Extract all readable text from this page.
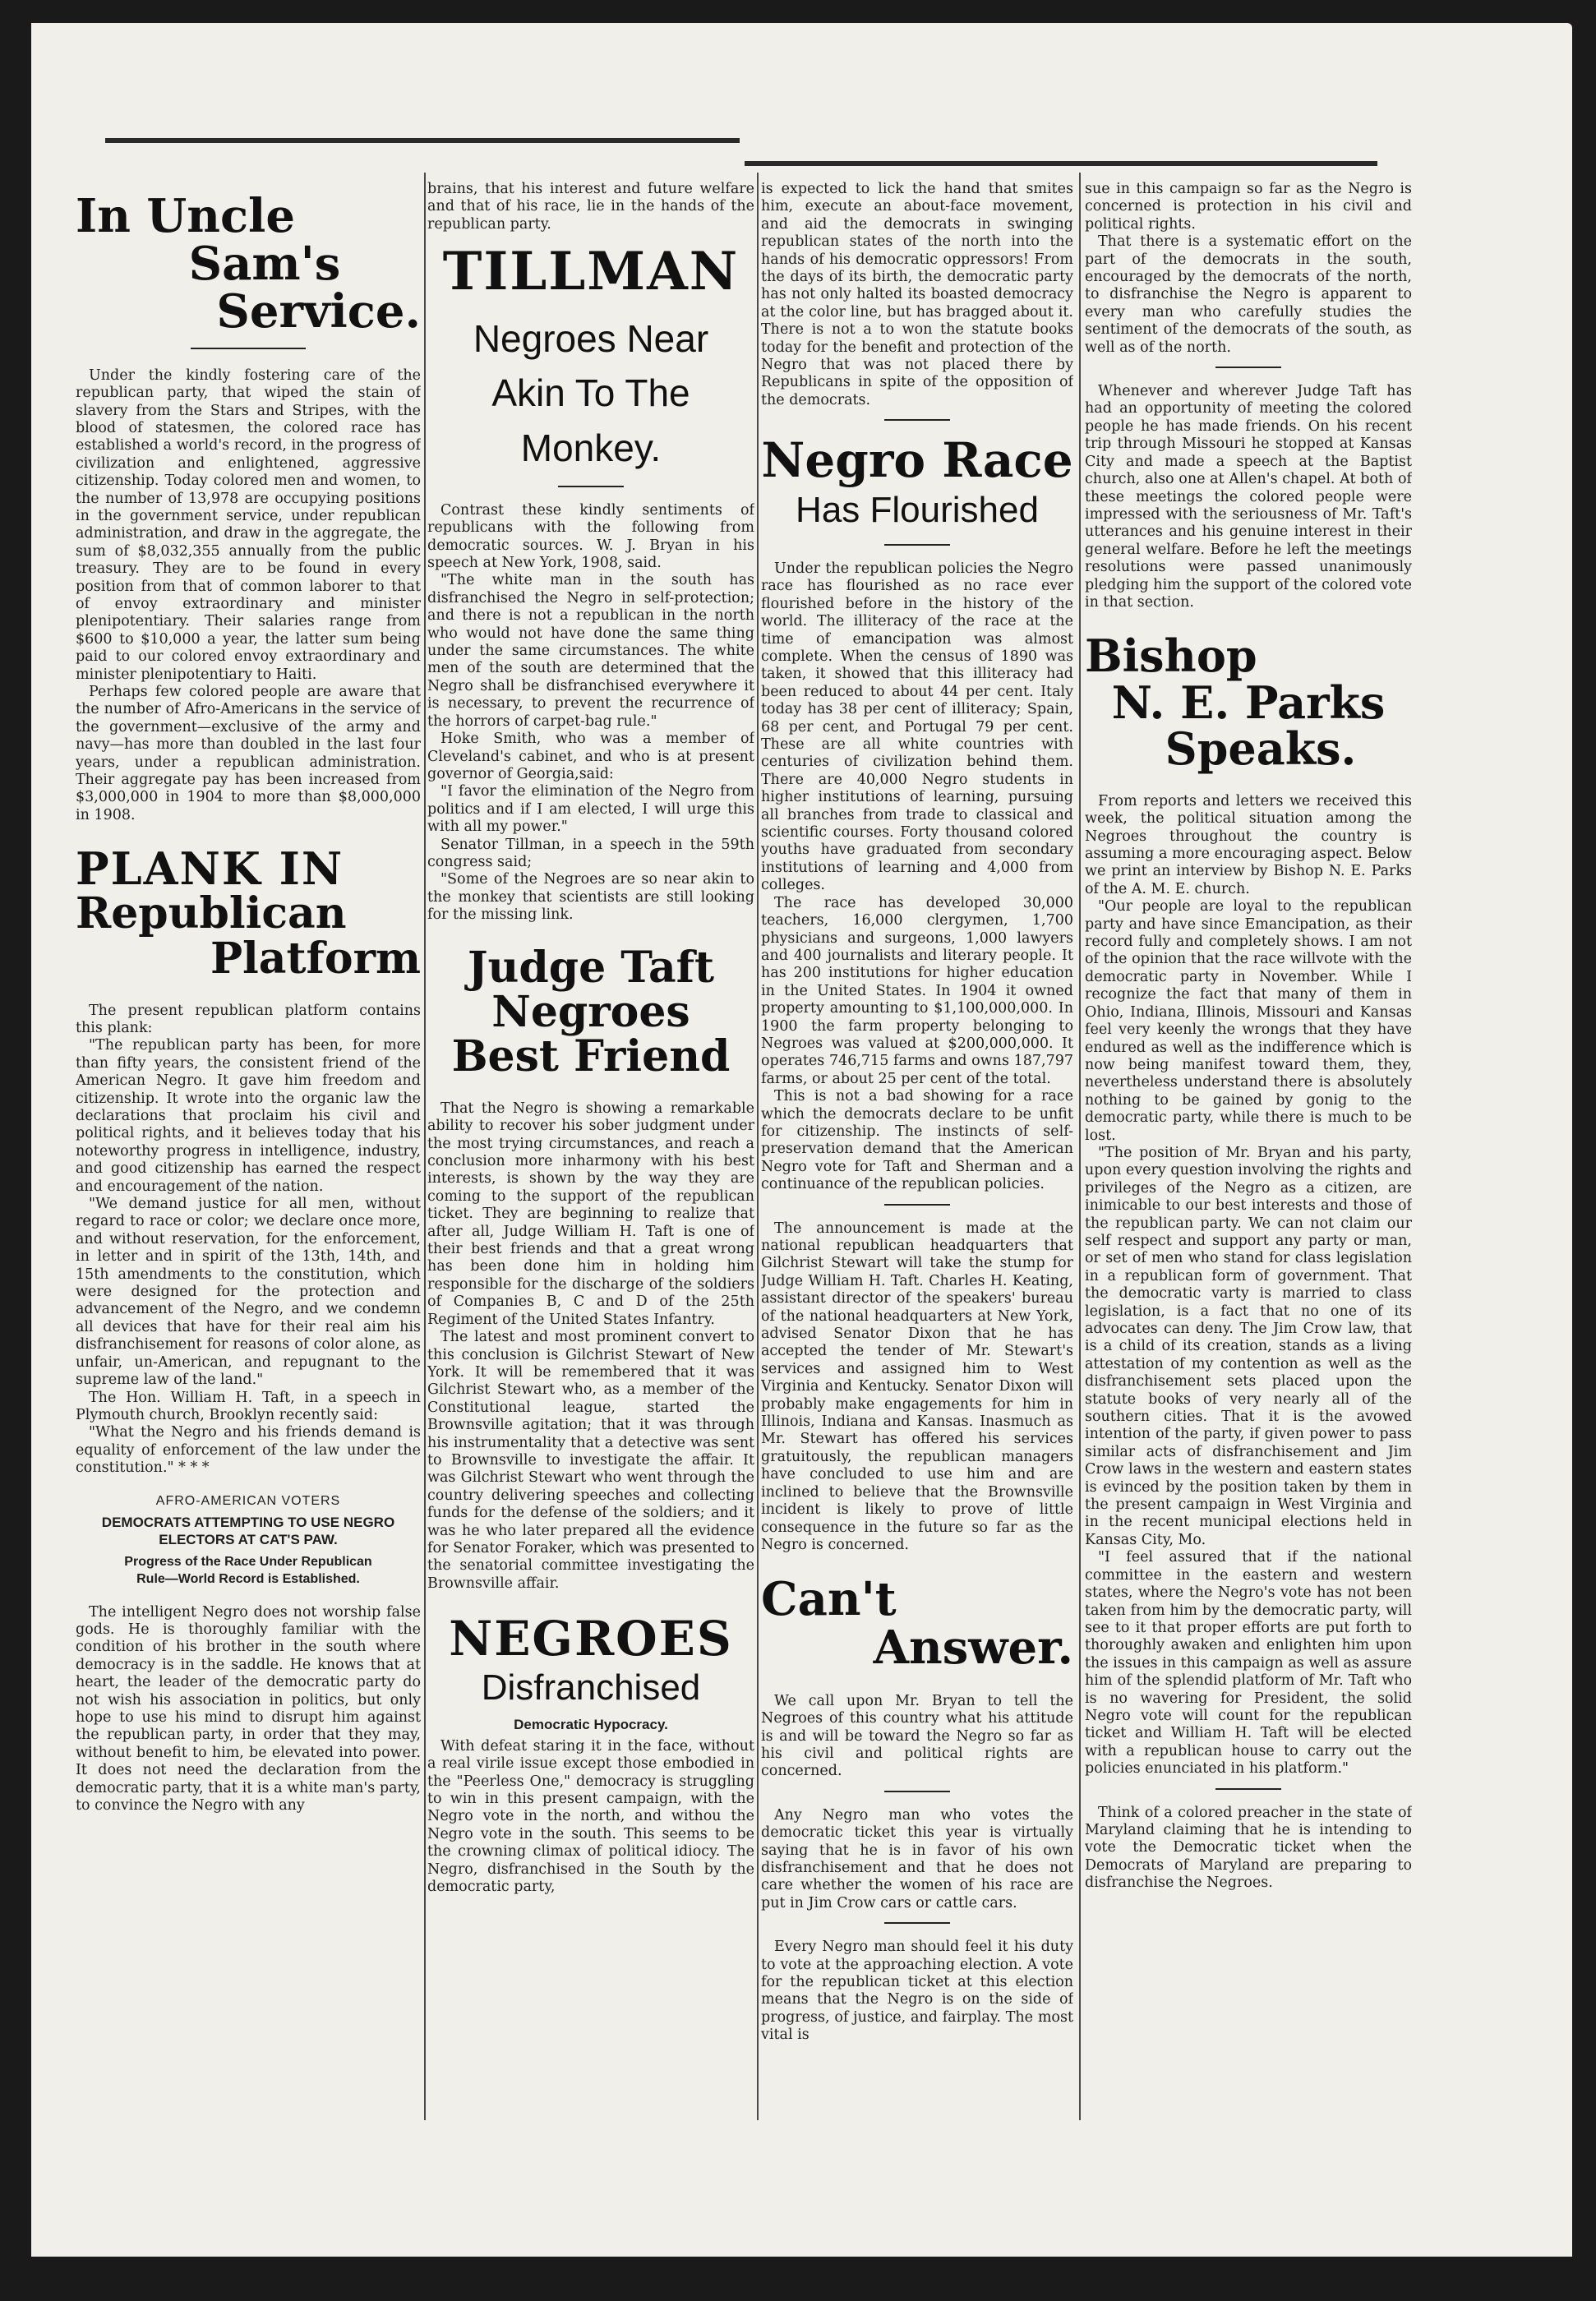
In Uncle
Sam's
Service.

Under the kindly fostering care of the republican party, that wiped the stain of slavery from the Stars and Stripes, with the blood of statesmen, the colored race has established a world's record, in the progress of civilization and enlightened, aggressive citizenship. Today colored men and women, to the number of 13,978 are occupying positions in the government service, under republican administration, and draw in the aggregate, the sum of $8,032,355 annually from the public treasury. They are to be found in every position from that of common laborer to that of envoy extraordinary and minister plenipotentiary. Their salaries range from $600 to $10,000 a year, the latter sum being paid to our colored envoy extraordinary and minister plenipotentiary to Haiti.

Perhaps few colored people are aware that the number of Afro-Americans in the service of the government—exclusive of the army and navy—has more than doubled in the last four years, under a republican administration. Their aggregate pay has been increased from $3,000,000 in 1904 to more than $8,000,000 in 1908.

PLANK IN
Republican
Platform

The present republican platform contains this plank:

"The republican party has been, for more than fifty years, the consistent friend of the American Negro. It gave him freedom and citizenship. It wrote into the organic law the declarations that proclaim his civil and political rights, and it believes today that his noteworthy progress in intelligence, industry, and good citizenship has earned the respect and encouragement of the nation.

"We demand justice for all men, without regard to race or color; we declare once more, and without reservation, for the enforcement, in letter and in spirit of the 13th, 14th, and 15th amendments to the constitution, which were designed for the protection and advancement of the Negro, and we condemn all devices that have for their real aim his disfranchisement for reasons of color alone, as unfair, un-American, and repugnant to the supreme law of the land."

The Hon. William H. Taft, in a speech in Plymouth church, Brooklyn recently said:

"What the Negro and his friends demand is equality of enforcement of the law under the constitution." * * *

AFRO-AMERICAN VOTERS
DEMOCRATS ATTEMPTING TO USE NEGRO ELECTORS AT CAT'S PAW.
Progress of the Race Under Republican Rule—World Record is Established.

The intelligent Negro does not worship false gods. He is thoroughly familiar with the condition of his brother in the south where democracy is in the saddle. He knows that at heart, the leader of the democratic party do not wish his association in politics, but only hope to use his mind to disrupt him against the republican party, in order that they may, without benefit to him, be elevated into power. It does not need the declaration from the democratic party, that it is a white man's party, to convince the Negro with any

brains, that his interest and future welfare and that of his race, lie in the hands of the republican party.

TILLMAN
Negroes Near
Akin To The
Monkey.

Contrast these kindly sentiments of republicans with the following from democratic sources. W. J. Bryan in his speech at New York, 1908, said.

"The white man in the south has disfranchised the Negro in self-protection; and there is not a republican in the north who would not have done the same thing under the same circumstances. The white men of the south are determined that the Negro shall be disfranchised everywhere it is necessary, to prevent the recurrence of the horrors of carpet-bag rule."

Hoke Smith, who was a member of Cleveland's cabinet, and who is at present governor of Georgia,said:

"I favor the elimination of the Negro from politics and if I am elected, I will urge this with all my power."

Senator Tillman, in a speech in the 59th congress said;

"Some of the Negroes are so near akin to the monkey that scientists are still looking for the missing link.

Judge Taft
Negroes
Best Friend

That the Negro is showing a remarkable ability to recover his sober judgment under the most trying circumstances, and reach a conclusion more inharmony with his best interests, is shown by the way they are coming to the support of the republican ticket. They are beginning to realize that after all, Judge William H. Taft is one of their best friends and that a great wrong has been done him in holding him responsible for the discharge of the soldiers of Companies B, C and D of the 25th Regiment of the United States Infantry.

The latest and most prominent convert to this conclusion is Gilchrist Stewart of New York. It will be remembered that it was Gilchrist Stewart who, as a member of the Constitutional league, started the Brownsville agitation; that it was through his instrumentality that a detective was sent to Brownsville to investigate the affair. It was Gilchrist Stewart who went through the country delivering speeches and collecting funds for the defense of the soldiers; and it was he who later prepared all the evidence for Senator Foraker, which was presented to the senatorial committee investigating the Brownsville affair.

NEGROES
Disfranchised
Democratic Hypocracy.

With defeat staring it in the face, without a real virile issue except those embodied in the "Peerless One," democracy is struggling to win in this present campaign, with the Negro vote in the north, and withou the Negro vote in the south. This seems to be the crowning climax of political idiocy. The Negro, disfranchised in the South by the democratic party,

is expected to lick the hand that smites him, execute an about-face movement, and aid the democrats in swinging republican states of the north into the hands of his democratic oppressors! From the days of its birth, the democratic party has not only halted its boasted democracy at the color line, but has bragged about it. There is not a to won the statute books today for the benefit and protection of the Negro that was not placed there by Republicans in spite of the opposition of the democrats.

Negro Race
Has Flourished

Under the republican policies the Negro race has flourished as no race ever flourished before in the history of the world. The illiteracy of the race at the time of emancipation was almost complete. When the census of 1890 was taken, it showed that this illiteracy had been reduced to about 44 per cent. Italy today has 38 per cent of illiteracy; Spain, 68 per cent, and Portugal 79 per cent. These are all white countries with centuries of civilization behind them. There are 40,000 Negro students in higher institutions of learning, pursuing all branches from trade to classical and scientific courses. Forty thousand colored youths have graduated from secondary institutions of learning and 4,000 from colleges.

The race has developed 30,000 teachers, 16,000 clergymen, 1,700 physicians and surgeons, 1,000 lawyers and 400 journalists and literary people. It has 200 institutions for higher education in the United States. In 1904 it owned property amounting to $1,100,000,000. In 1900 the farm property belonging to Negroes was valued at $200,000,000. It operates 746,715 farms and owns 187,797 farms, or about 25 per cent of the total.

This is not a bad showing for a race which the democrats declare to be unfit for citizenship. The instincts of self-preservation demand that the American Negro vote for Taft and Sherman and a continuance of the republican policies.

The announcement is made at the national republican headquarters that Gilchrist Stewart will take the stump for Judge William H. Taft. Charles H. Keating, assistant director of the speakers' bureau of the national headquarters at New York, advised Senator Dixon that he has accepted the tender of Mr. Stewart's services and assigned him to West Virginia and Kentucky. Senator Dixon will probably make engagements for him in Illinois, Indiana and Kansas. Inasmuch as Mr. Stewart has offered his services gratuitously, the republican managers have concluded to use him and are inclined to believe that the Brownsville incident is likely to prove of little consequence in the future so far as the Negro is concerned.

Can't
Answer.

We call upon Mr. Bryan to tell the Negroes of this country what his attitude is and will be toward the Negro so far as his civil and political rights are concerned.

Any Negro man who votes the democratic ticket this year is virtually saying that he is in favor of his own disfranchisement and that he does not care whether the women of his race are put in Jim Crow cars or cattle cars.

Every Negro man should feel it his duty to vote at the approaching election. A vote for the republican ticket at this election means that the Negro is on the side of progress, of justice, and fairplay. The most vital is

sue in this campaign so far as the Negro is concerned is protection in his civil and political rights.

That there is a systematic effort on the part of the democrats in the south, encouraged by the democrats of the north, to disfranchise the Negro is apparent to every man who carefully studies the sentiment of the democrats of the south, as well as of the north.

Whenever and wherever Judge Taft has had an opportunity of meeting the colored people he has made friends. On his recent trip through Missouri he stopped at Kansas City and made a speech at the Baptist church, also one at Allen's chapel. At both of these meetings the colored people were impressed with the seriousness of Mr. Taft's utterances and his genuine interest in their general welfare. Before he left the meetings resolutions were passed unanimously pledging him the support of the colored vote in that section.

Bishop
N. E. Parks
Speaks.

From reports and letters we received this week, the political situation among the Negroes throughout the country is assuming a more encouraging aspect. Below we print an interview by Bishop N. E. Parks of the A. M. E. church.

"Our people are loyal to the republican party and have since Emancipation, as their record fully and completely shows. I am not of the opinion that the race willvote with the democratic party in November. While I recognize the fact that many of them in Ohio, Indiana, Illinois, Missouri and Kansas feel very keenly the wrongs that they have endured as well as the indifference which is now being manifest toward them, they, nevertheless understand there is absolutely nothing to be gained by gonig to the democratic party, while there is much to be lost.

"The position of Mr. Bryan and his party, upon every question involving the rights and privileges of the Negro as a citizen, are inimicable to our best interests and those of the republican party. We can not claim our self respect and support any party or man, or set of men who stand for class legislation in a republican form of government. That the democratic varty is married to class legislation, is a fact that no one of its advocates can deny. The Jim Crow law, that is a child of its creation, stands as a living attestation of my contention as well as the disfranchisement sets placed upon the statute books of very nearly all of the southern cities. That it is the avowed intention of the party, if given power to pass similar acts of disfranchisement and Jim Crow laws in the western and eastern states is evinced by the position taken by them in the present campaign in West Virginia and in the recent municipal elections held in Kansas City, Mo.

"I feel assured that if the national committee in the eastern and western states, where the Negro's vote has not been taken from him by the democratic party, will see to it that proper efforts are put forth to thoroughly awaken and enlighten him upon the issues in this campaign as well as assure him of the splendid platform of Mr. Taft who is no wavering for President, the solid Negro vote will count for the republican ticket and William H. Taft will be elected with a republican house to carry out the policies enunciated in his platform."

Think of a colored preacher in the state of Maryland claiming that he is intending to vote the Democratic ticket when the Democrats of Maryland are preparing to disfranchise the Negroes.
